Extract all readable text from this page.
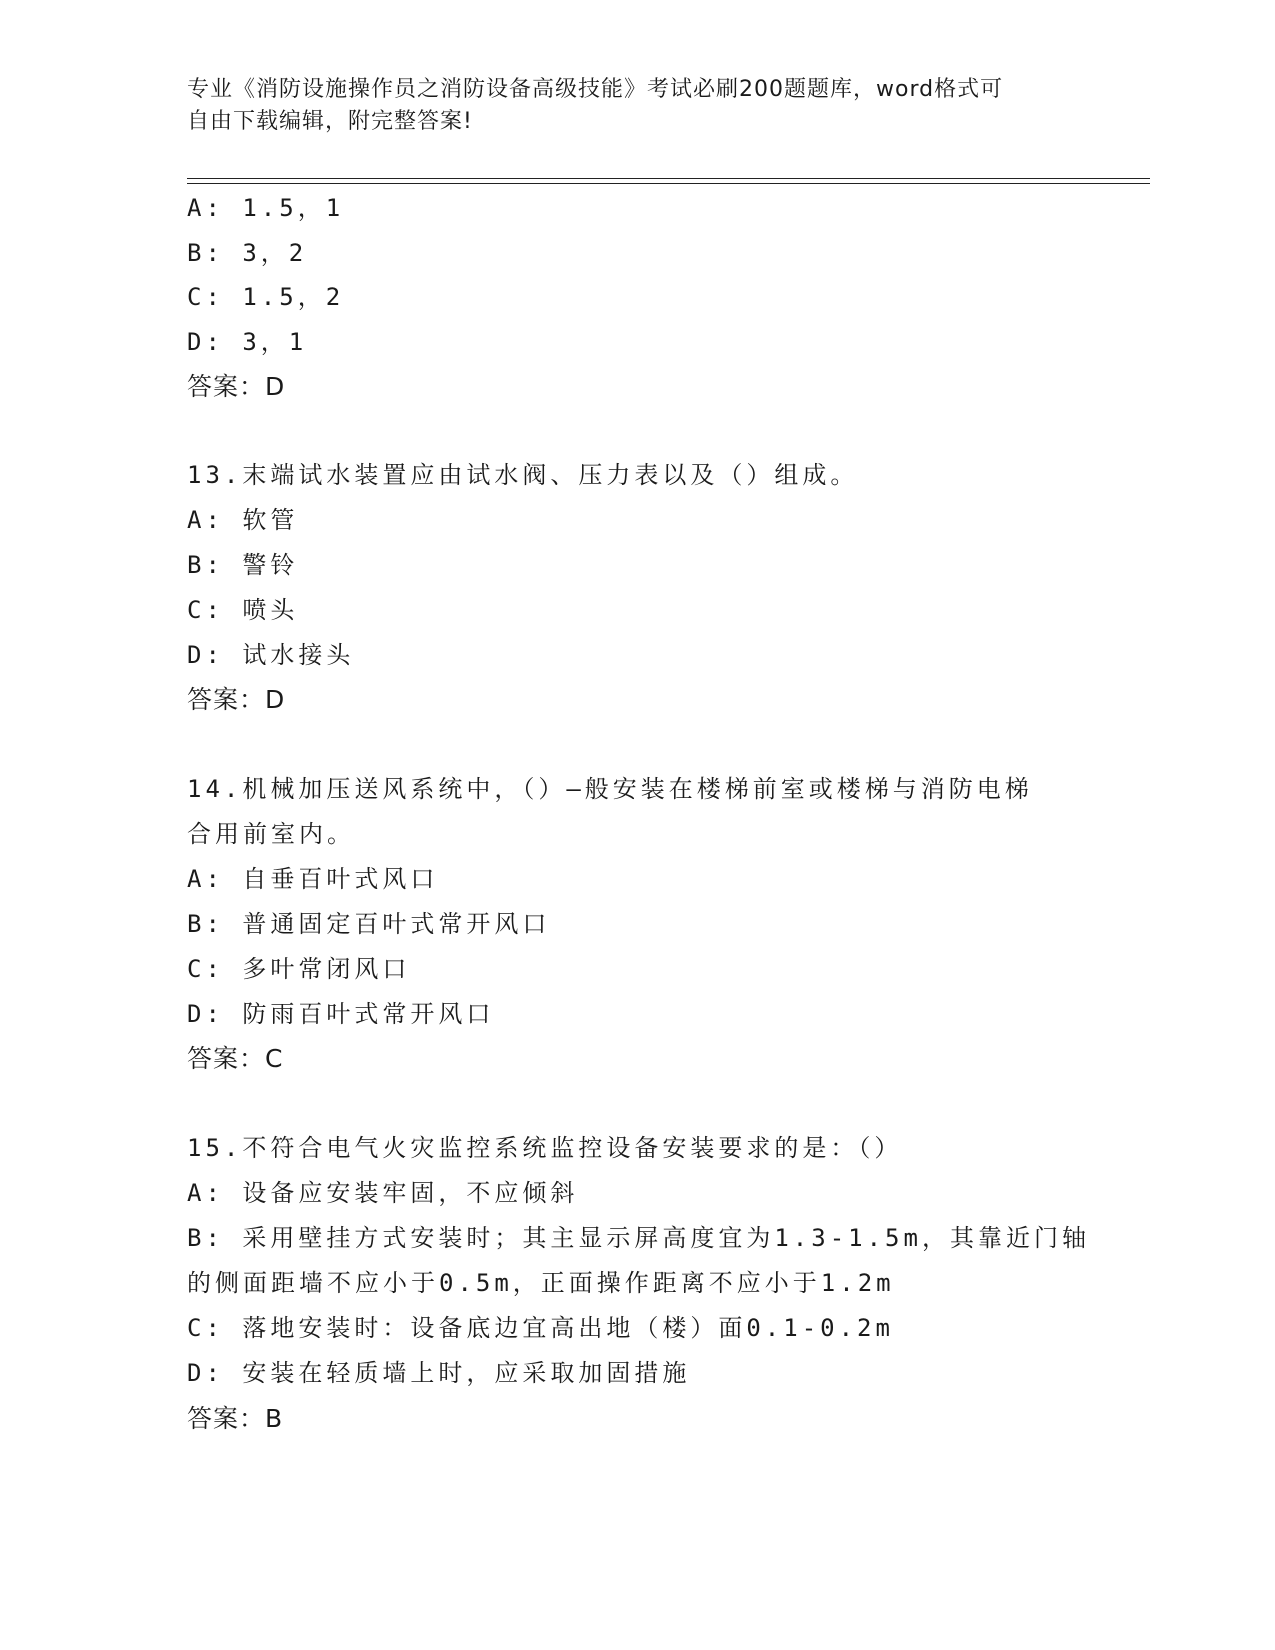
专业《消防设施操作员之消防设备高级技能》考试必刷200题题库，word格式可
自由下载编辑，附完整答案!
A: 1.5，1
B: 3，2
C: 1.5，2
D: 3，1
答案：D
13.末端试水装置应由试水阀、压力表以及（）组成。
A: 软管
B: 警铃
C: 喷头
D: 试水接头
答案：D
14.机械加压送风系统中，（）—般安装在楼梯前室或楼梯与消防电梯
合用前室内。
A: 自垂百叶式风口
B: 普通固定百叶式常开风口
C: 多叶常闭风口
D: 防雨百叶式常开风口
答案：C
15.不符合电气火灾监控系统监控设备安装要求的是：（）
A: 设备应安装牢固，不应倾斜
B: 采用壁挂方式安装时；其主显示屏高度宜为1.3-1.5m，其靠近门轴
的侧面距墙不应小于0.5m，正面操作距离不应小于1.2m
C: 落地安装时：设备底边宜高出地（楼）面0.1-0.2m
D: 安装在轻质墙上时，应采取加固措施
答案：B
